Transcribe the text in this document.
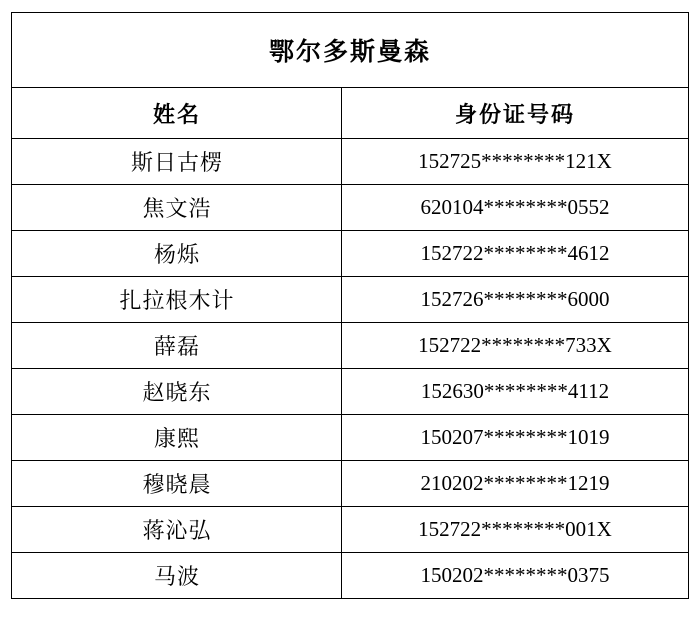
鄂尔多斯曼森	
姓名	身份证号码
斯日古楞	152725********121X
焦文浩	620104********0552
杨烁	152722********4612
扎拉根木计	152726********6000
薛磊	152722********733X
赵晓东	152630********4112
康熙	150207********1019
穆晓晨	210202********1219
蒋沁弘	152722********001X
马波	150202********0375
